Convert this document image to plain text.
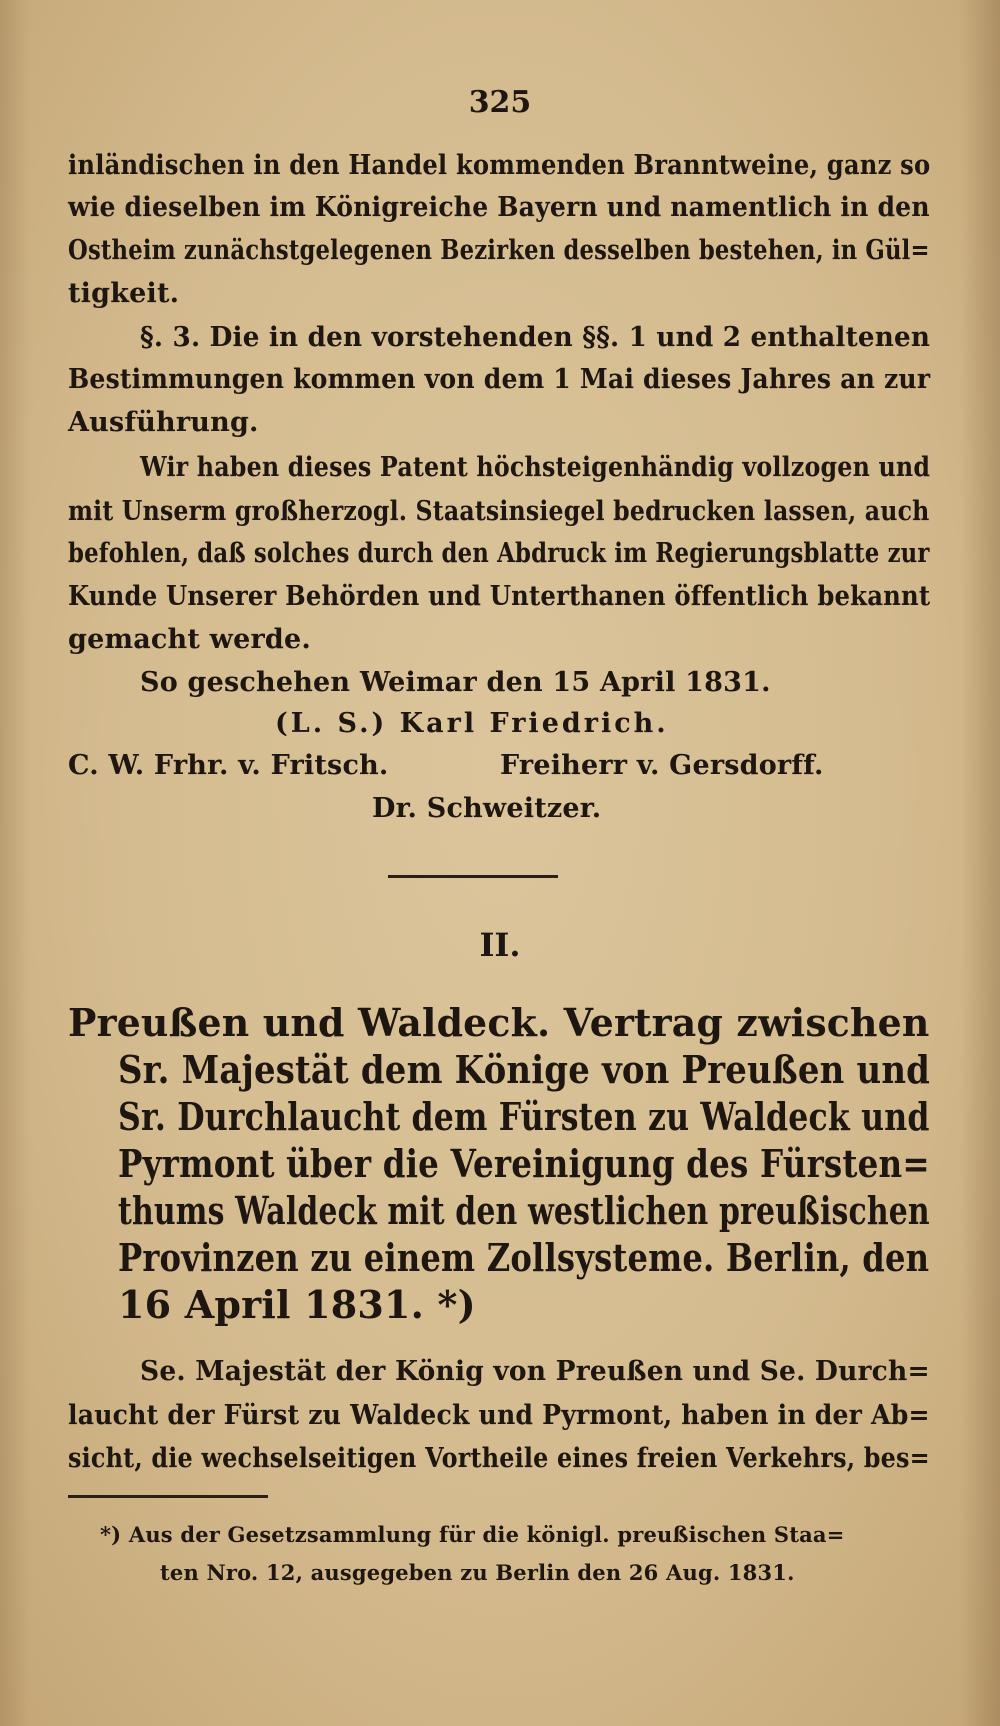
325
inländischen in den Handel kommenden Branntweine, ganz so
wie dieselben im Königreiche Bayern und namentlich in den
Ostheim zunächstgelegenen Bezirken desselben bestehen, in Gül=
tigkeit.
§. 3. Die in den vorstehenden §§. 1 und 2 enthaltenen
Bestimmungen kommen von dem 1 Mai dieses Jahres an zur
Ausführung.
Wir haben dieses Patent höchsteigenhändig vollzogen und
mit Unserm großherzogl. Staatsinsiegel bedrucken lassen, auch
befohlen, daß solches durch den Abdruck im Regierungsblatte zur
Kunde Unserer Behörden und Unterthanen öffentlich bekannt
gemacht werde.
So geschehen Weimar den 15 April 1831.
(L. S.) Karl Friedrich.
C. W. Frhr. v. Fritsch.	Freiherr v. Gersdorff.
Dr. Schweitzer.
II.
Preußen und Waldeck. Vertrag zwischen
Sr. Majestät dem Könige von Preußen und
Sr. Durchlaucht dem Fürsten zu Waldeck und
Pyrmont über die Vereinigung des Fürsten=
thums Waldeck mit den westlichen preußischen
Provinzen zu einem Zollsysteme. Berlin, den
16 April 1831. *)
Se. Majestät der König von Preußen und Se. Durch=
laucht der Fürst zu Waldeck und Pyrmont, haben in der Ab=
sicht, die wechselseitigen Vortheile eines freien Verkehrs, bes=
*) Aus der Gesetzsammlung für die königl. preußischen Staa=
ten Nro. 12, ausgegeben zu Berlin den 26 Aug. 1831.
